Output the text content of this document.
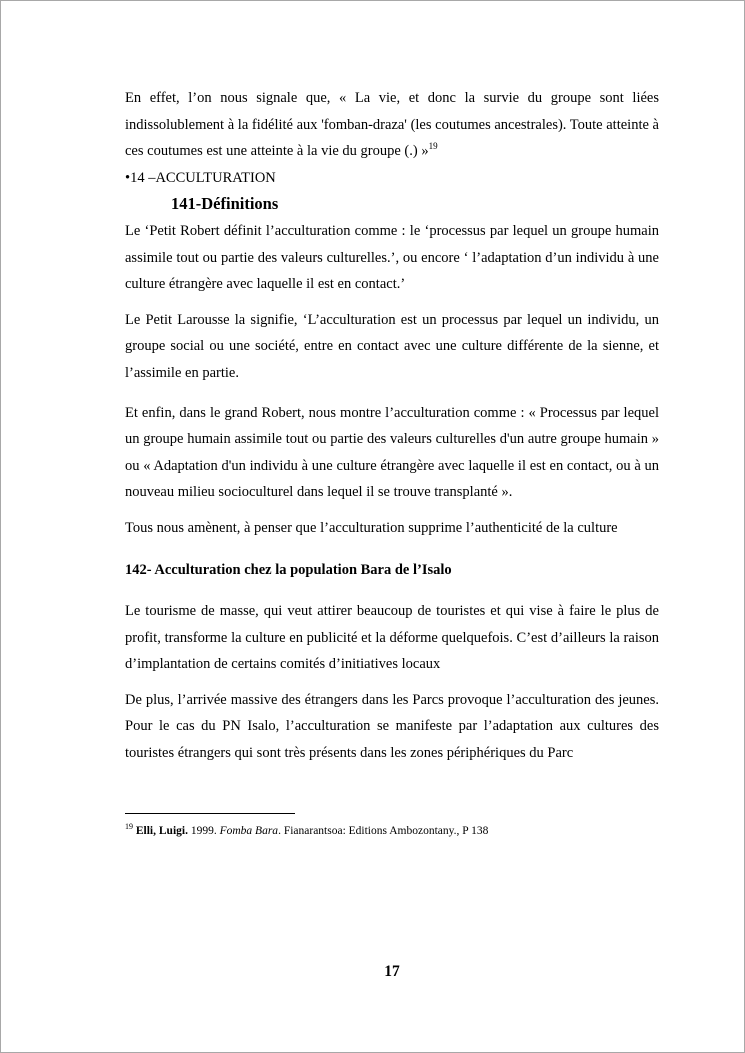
En effet, l’on nous signale que, « La vie, et donc la survie du groupe sont liées indissolublement à la fidélité aux 'fomban-draza' (les coutumes ancestrales). Toute atteinte à ces coutumes est une atteinte à la vie du groupe (.) »$^{19}$

•14 –ACCULTURATION

141-Définitions

Le ‘Petit Robert définit l’acculturation comme : le ‘processus par lequel un groupe humain assimile tout ou partie des valeurs culturelles.’, ou encore ‘ l’adaptation d’un individu à une culture étrangère avec laquelle il est en contact.’

Le Petit Larousse la signifie, ‘L’acculturation est un processus par lequel un individu, un groupe social ou une société, entre en contact avec une culture différente de la sienne, et l’assimile en partie.

Et enfin, dans le grand Robert, nous montre l’acculturation comme : « Processus par lequel un groupe humain assimile tout ou partie des valeurs culturelles d'un autre groupe humain » ou « Adaptation d'un individu à une culture étrangère avec laquelle il est en contact, ou à un nouveau milieu socioculturel dans lequel il se trouve transplanté ».

Tous nous amènent, à penser que l’acculturation supprime l’authenticité de la culture

142- Acculturation chez la population Bara de l’Isalo

Le tourisme de masse, qui veut attirer beaucoup de touristes et qui vise à faire le plus de profit, transforme la culture en publicité et la déforme quelquefois. C’est d’ailleurs la raison d’implantation de certains comités d’initiatives locaux

De plus, l’arrivée massive des étrangers dans les Parcs provoque l’acculturation des jeunes. Pour le cas du PN Isalo, l’acculturation se manifeste par l’adaptation aux cultures des touristes étrangers qui sont très présents dans les zones périphériques du Parc

$^{19}$ Elli, Luigi. 1999. Fomba Bara. Fianarantsoa: Editions Ambozontany., P 138

17
